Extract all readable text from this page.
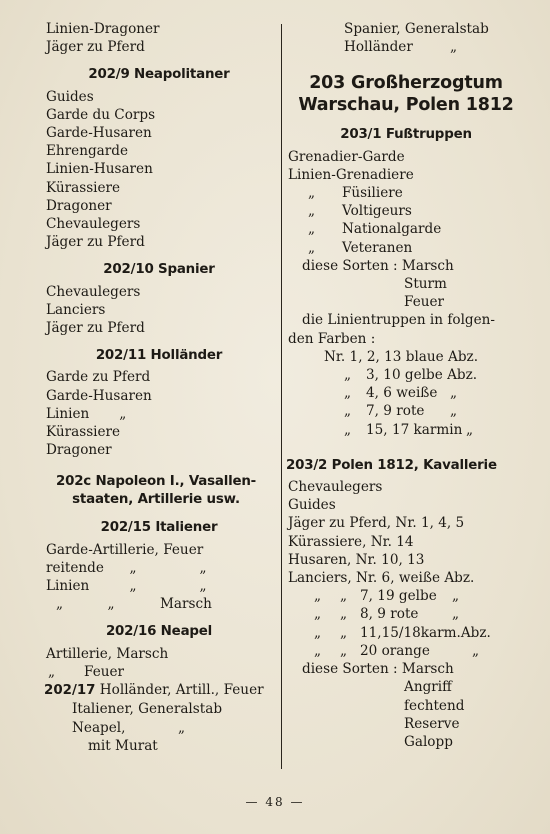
Linien-Dragoner
Jäger zu Pferd
202/9 Neapolitaner
Guides
Garde du Corps
Garde-Husaren
Ehrengarde
Linien-Husaren
Kürassiere
Dragoner
Chevaulegers
Jäger zu Pferd
202/10 Spanier
Chevaulegers
Lanciers
Jäger zu Pferd
202/11 Holländer
Garde zu Pferd
Garde-Husaren
Linien „
Kürassiere
Dragoner
202c Napoleon I., Vasallen-
staaten, Artillerie usw.
202/15 Italiener
Garde-Artillerie, Feuer
reitende „	„
Linien	„	„
„	„	Marsch
202/16 Neapel
Artillerie, Marsch
„ Feuer
202/17 Holländer, Artill., Feuer
Italiener, Generalstab
Neapel,	„
mit Murat
Spanier, Generalstab
Holländer	„
203 Großherzogtum
Warschau, Polen 1812
203/1 Fußtruppen
Grenadier-Garde
Linien-Grenadiere
„ Füsiliere
„ Voltigeurs
„ Nationalgarde
„ Veteranen
diese Sorten : Marsch
Sturm
Feuer
die Linientruppen in folgen-
den Farben :
Nr. 1, 2, 13 blaue Abz.
„ 3, 10 gelbe Abz.
„ 4, 6 weiße „
„ 7, 9 rote „
„ 15, 17 karmin „
203/2 Polen 1812, Kavallerie
Chevaulegers
Guides
Jäger zu Pferd, Nr. 1, 4, 5
Kürassiere, Nr. 14
Husaren, Nr. 10, 13
Lanciers, Nr. 6, weiße Abz.
„ „ 7, 19 gelbe „
„ „ 8, 9 rote „
„ „ 11,15/18karm.Abz.
„ „ 20 orange	„
diese Sorten : Marsch
Angriff
fechtend
Reserve
Galopp
— 48 —
